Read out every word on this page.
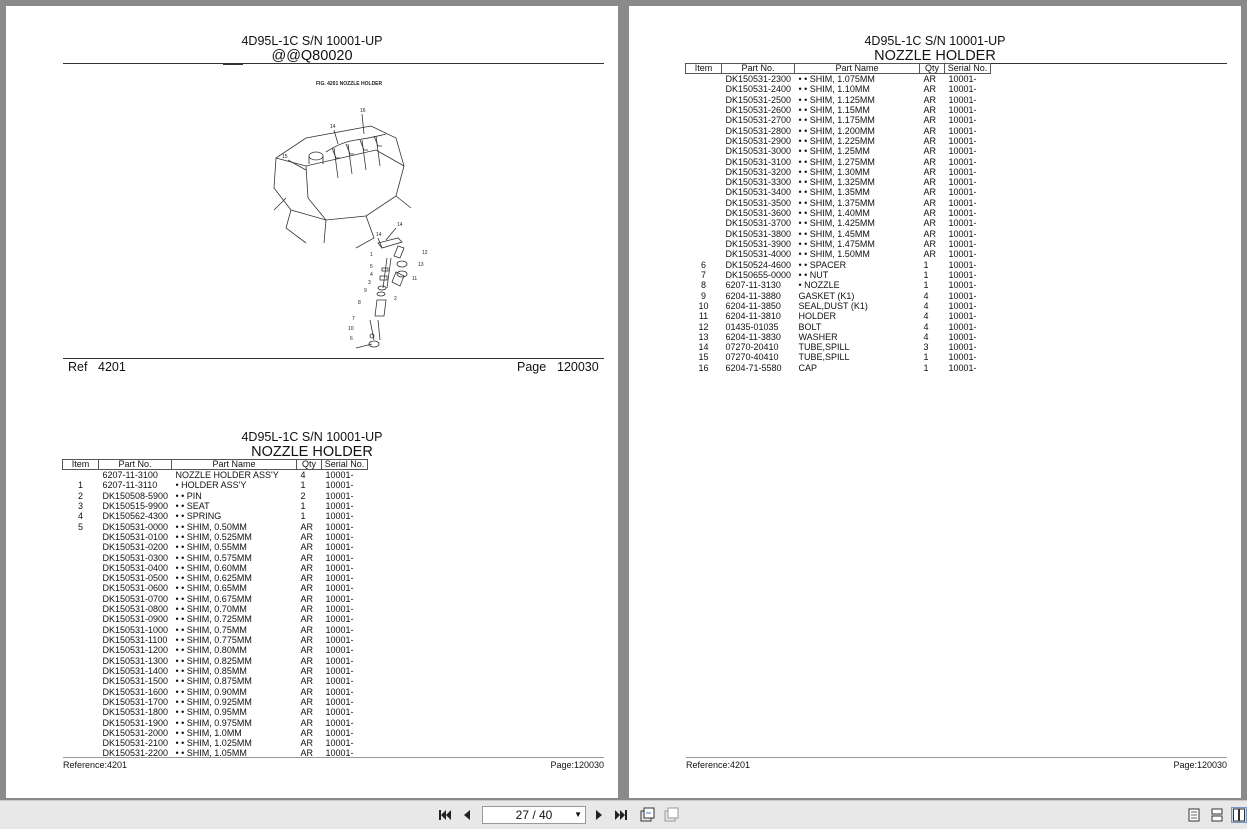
4D95L-1C S/N 10001-UP
@@Q80020
FIG. 4201 NOZZLE HOLDER
14
16
15
14
14
12
13
1
5
4
3
11
9
2
8
7
10
6
Ref 4201	Page 120030
4D95L-1C S/N 10001-UP
NOZZLE HOLDER
Item	Part No.	Part Name	Qty	Serial No.
	6207-11-3100	NOZZLE HOLDER ASS'Y	4	10001-
1	6207-11-3110	• HOLDER ASS'Y	1	10001-
2	DK150508-5900	• • PIN	2	10001-
3	DK150515-9900	• • SEAT	1	10001-
4	DK150562-4300	• • SPRING	1	10001-
5	DK150531-0000	• • SHIM, 0.50MM	AR	10001-
	DK150531-0100	• • SHIM, 0.525MM	AR	10001-
	DK150531-0200	• • SHIM, 0.55MM	AR	10001-
	DK150531-0300	• • SHIM, 0.575MM	AR	10001-
	DK150531-0400	• • SHIM, 0.60MM	AR	10001-
	DK150531-0500	• • SHIM, 0.625MM	AR	10001-
	DK150531-0600	• • SHIM, 0.65MM	AR	10001-
	DK150531-0700	• • SHIM, 0.675MM	AR	10001-
	DK150531-0800	• • SHIM, 0.70MM	AR	10001-
	DK150531-0900	• • SHIM, 0.725MM	AR	10001-
	DK150531-1000	• • SHIM, 0.75MM	AR	10001-
	DK150531-1100	• • SHIM, 0.775MM	AR	10001-
	DK150531-1200	• • SHIM, 0.80MM	AR	10001-
	DK150531-1300	• • SHIM, 0.825MM	AR	10001-
	DK150531-1400	• • SHIM, 0.85MM	AR	10001-
	DK150531-1500	• • SHIM, 0.875MM	AR	10001-
	DK150531-1600	• • SHIM, 0.90MM	AR	10001-
	DK150531-1700	• • SHIM, 0.925MM	AR	10001-
	DK150531-1800	• • SHIM, 0.95MM	AR	10001-
	DK150531-1900	• • SHIM, 0.975MM	AR	10001-
	DK150531-2000	• • SHIM, 1.0MM	AR	10001-
	DK150531-2100	• • SHIM, 1.025MM	AR	10001-
	DK150531-2200	• • SHIM, 1.05MM	AR	10001-
Reference:4201	Page:120030
4D95L-1C S/N 10001-UP
NOZZLE HOLDER
Item	Part No.	Part Name	Qty	Serial No.
	DK150531-2300	• • SHIM, 1.075MM	AR	10001-
	DK150531-2400	• • SHIM, 1.10MM	AR	10001-
	DK150531-2500	• • SHIM, 1.125MM	AR	10001-
	DK150531-2600	• • SHIM, 1.15MM	AR	10001-
	DK150531-2700	• • SHIM, 1.175MM	AR	10001-
	DK150531-2800	• • SHIM, 1.200MM	AR	10001-
	DK150531-2900	• • SHIM, 1.225MM	AR	10001-
	DK150531-3000	• • SHIM, 1.25MM	AR	10001-
	DK150531-3100	• • SHIM, 1.275MM	AR	10001-
	DK150531-3200	• • SHIM, 1.30MM	AR	10001-
	DK150531-3300	• • SHIM, 1.325MM	AR	10001-
	DK150531-3400	• • SHIM, 1.35MM	AR	10001-
	DK150531-3500	• • SHIM, 1.375MM	AR	10001-
	DK150531-3600	• • SHIM, 1.40MM	AR	10001-
	DK150531-3700	• • SHIM, 1.425MM	AR	10001-
	DK150531-3800	• • SHIM, 1.45MM	AR	10001-
	DK150531-3900	• • SHIM, 1.475MM	AR	10001-
	DK150531-4000	• • SHIM, 1.50MM	AR	10001-
6	DK150524-4600	• • SPACER	1	10001-
7	DK150655-0000	• • NUT	1	10001-
8	6207-11-3130	• NOZZLE	1	10001-
9	6204-11-3880	GASKET (K1)	4	10001-
10	6204-11-3850	SEAL,DUST (K1)	4	10001-
11	6204-11-3810	HOLDER	4	10001-
12	01435-01035	BOLT	4	10001-
13	6204-11-3830	WASHER	4	10001-
14	07270-20410	TUBE,SPILL	3	10001-
15	07270-40410	TUBE,SPILL	1	10001-
16	6204-71-5580	CAP	1	10001-
Reference:4201	Page:120030
27 / 40	▼
